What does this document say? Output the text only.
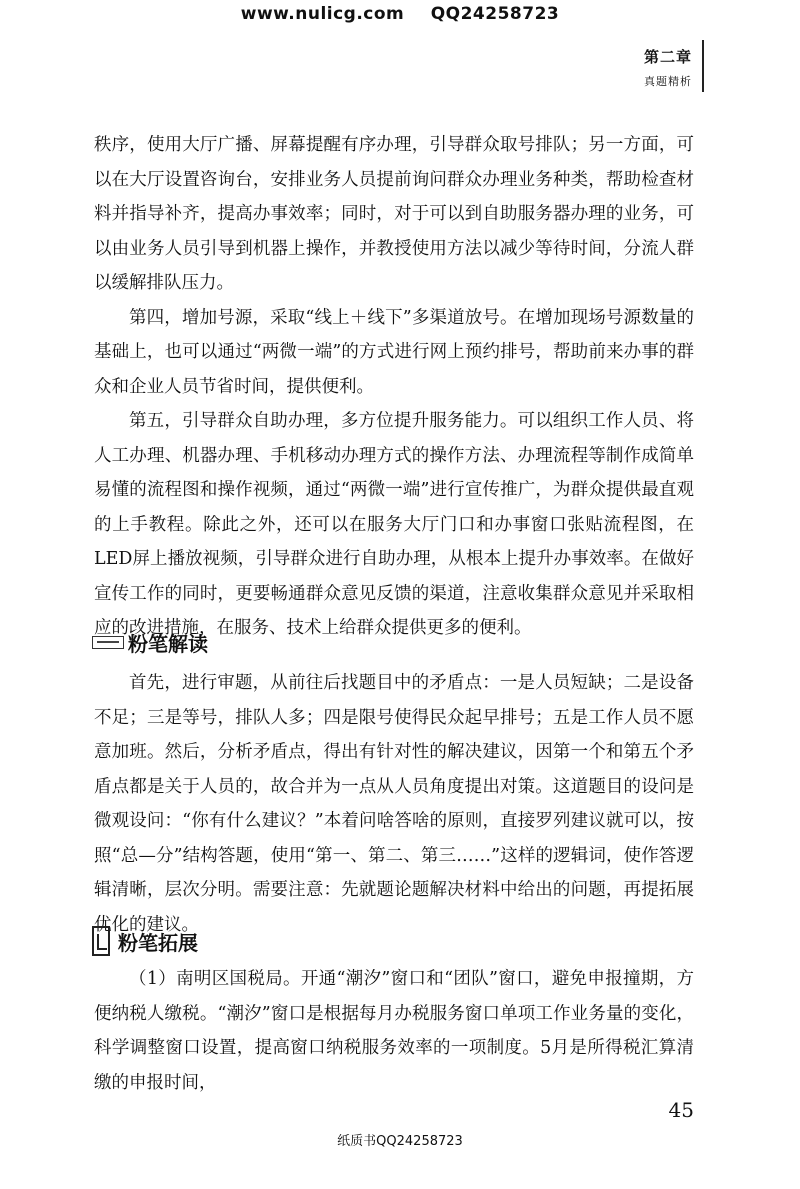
www.nulicg.com QQ24258723
第二章
真题精析

秩序，使用大厅广播、屏幕提醒有序办理，引导群众取号排队；另一方面，可以在大厅设置咨询台，安排业务人员提前询问群众办理业务种类，帮助检查材料并指导补齐，提高办事效率；同时，对于可以到自助服务器办理的业务，可以由业务人员引导到机器上操作，并教授使用方法以减少等待时间，分流人群以缓解排队压力。

第四，增加号源，采取“线上＋线下”多渠道放号。在增加现场号源数量的基础上，也可以通过“两微一端”的方式进行网上预约排号，帮助前来办事的群众和企业人员节省时间，提供便利。

第五，引导群众自助办理，多方位提升服务能力。可以组织工作人员、将人工办理、机器办理、手机移动办理方式的操作方法、办理流程等制作成简单易懂的流程图和操作视频，通过“两微一端”进行宣传推广，为群众提供最直观的上手教程。除此之外，还可以在服务大厅门口和办事窗口张贴流程图，在LED屏上播放视频，引导群众进行自助办理，从根本上提升办事效率。在做好宣传工作的同时，更要畅通群众意见反馈的渠道，注意收集群众意见并采取相应的改进措施，在服务、技术上给群众提供更多的便利。

粉笔解读

首先，进行审题，从前往后找题目中的矛盾点：一是人员短缺；二是设备不足；三是等号，排队人多；四是限号使得民众起早排号；五是工作人员不愿意加班。然后，分析矛盾点，得出有针对性的解决建议，因第一个和第五个矛盾点都是关于人员的，故合并为一点从人员角度提出对策。这道题目的设问是微观设问：“你有什么建议？”本着问啥答啥的原则，直接罗列建议就可以，按照“总—分”结构答题，使用“第一、第二、第三……”这样的逻辑词，使作答逻辑清晰，层次分明。需要注意：先就题论题解决材料中给出的问题，再提拓展优化的建议。

粉笔拓展

（1）南明区国税局。开通“潮汐”窗口和“团队”窗口，避免申报撞期，方便纳税人缴税。“潮汐”窗口是根据每月办税服务窗口单项工作业务量的变化，科学调整窗口设置，提高窗口纳税服务效率的一项制度。5月是所得税汇算清缴的申报时间，

45
纸质书QQ24258723
